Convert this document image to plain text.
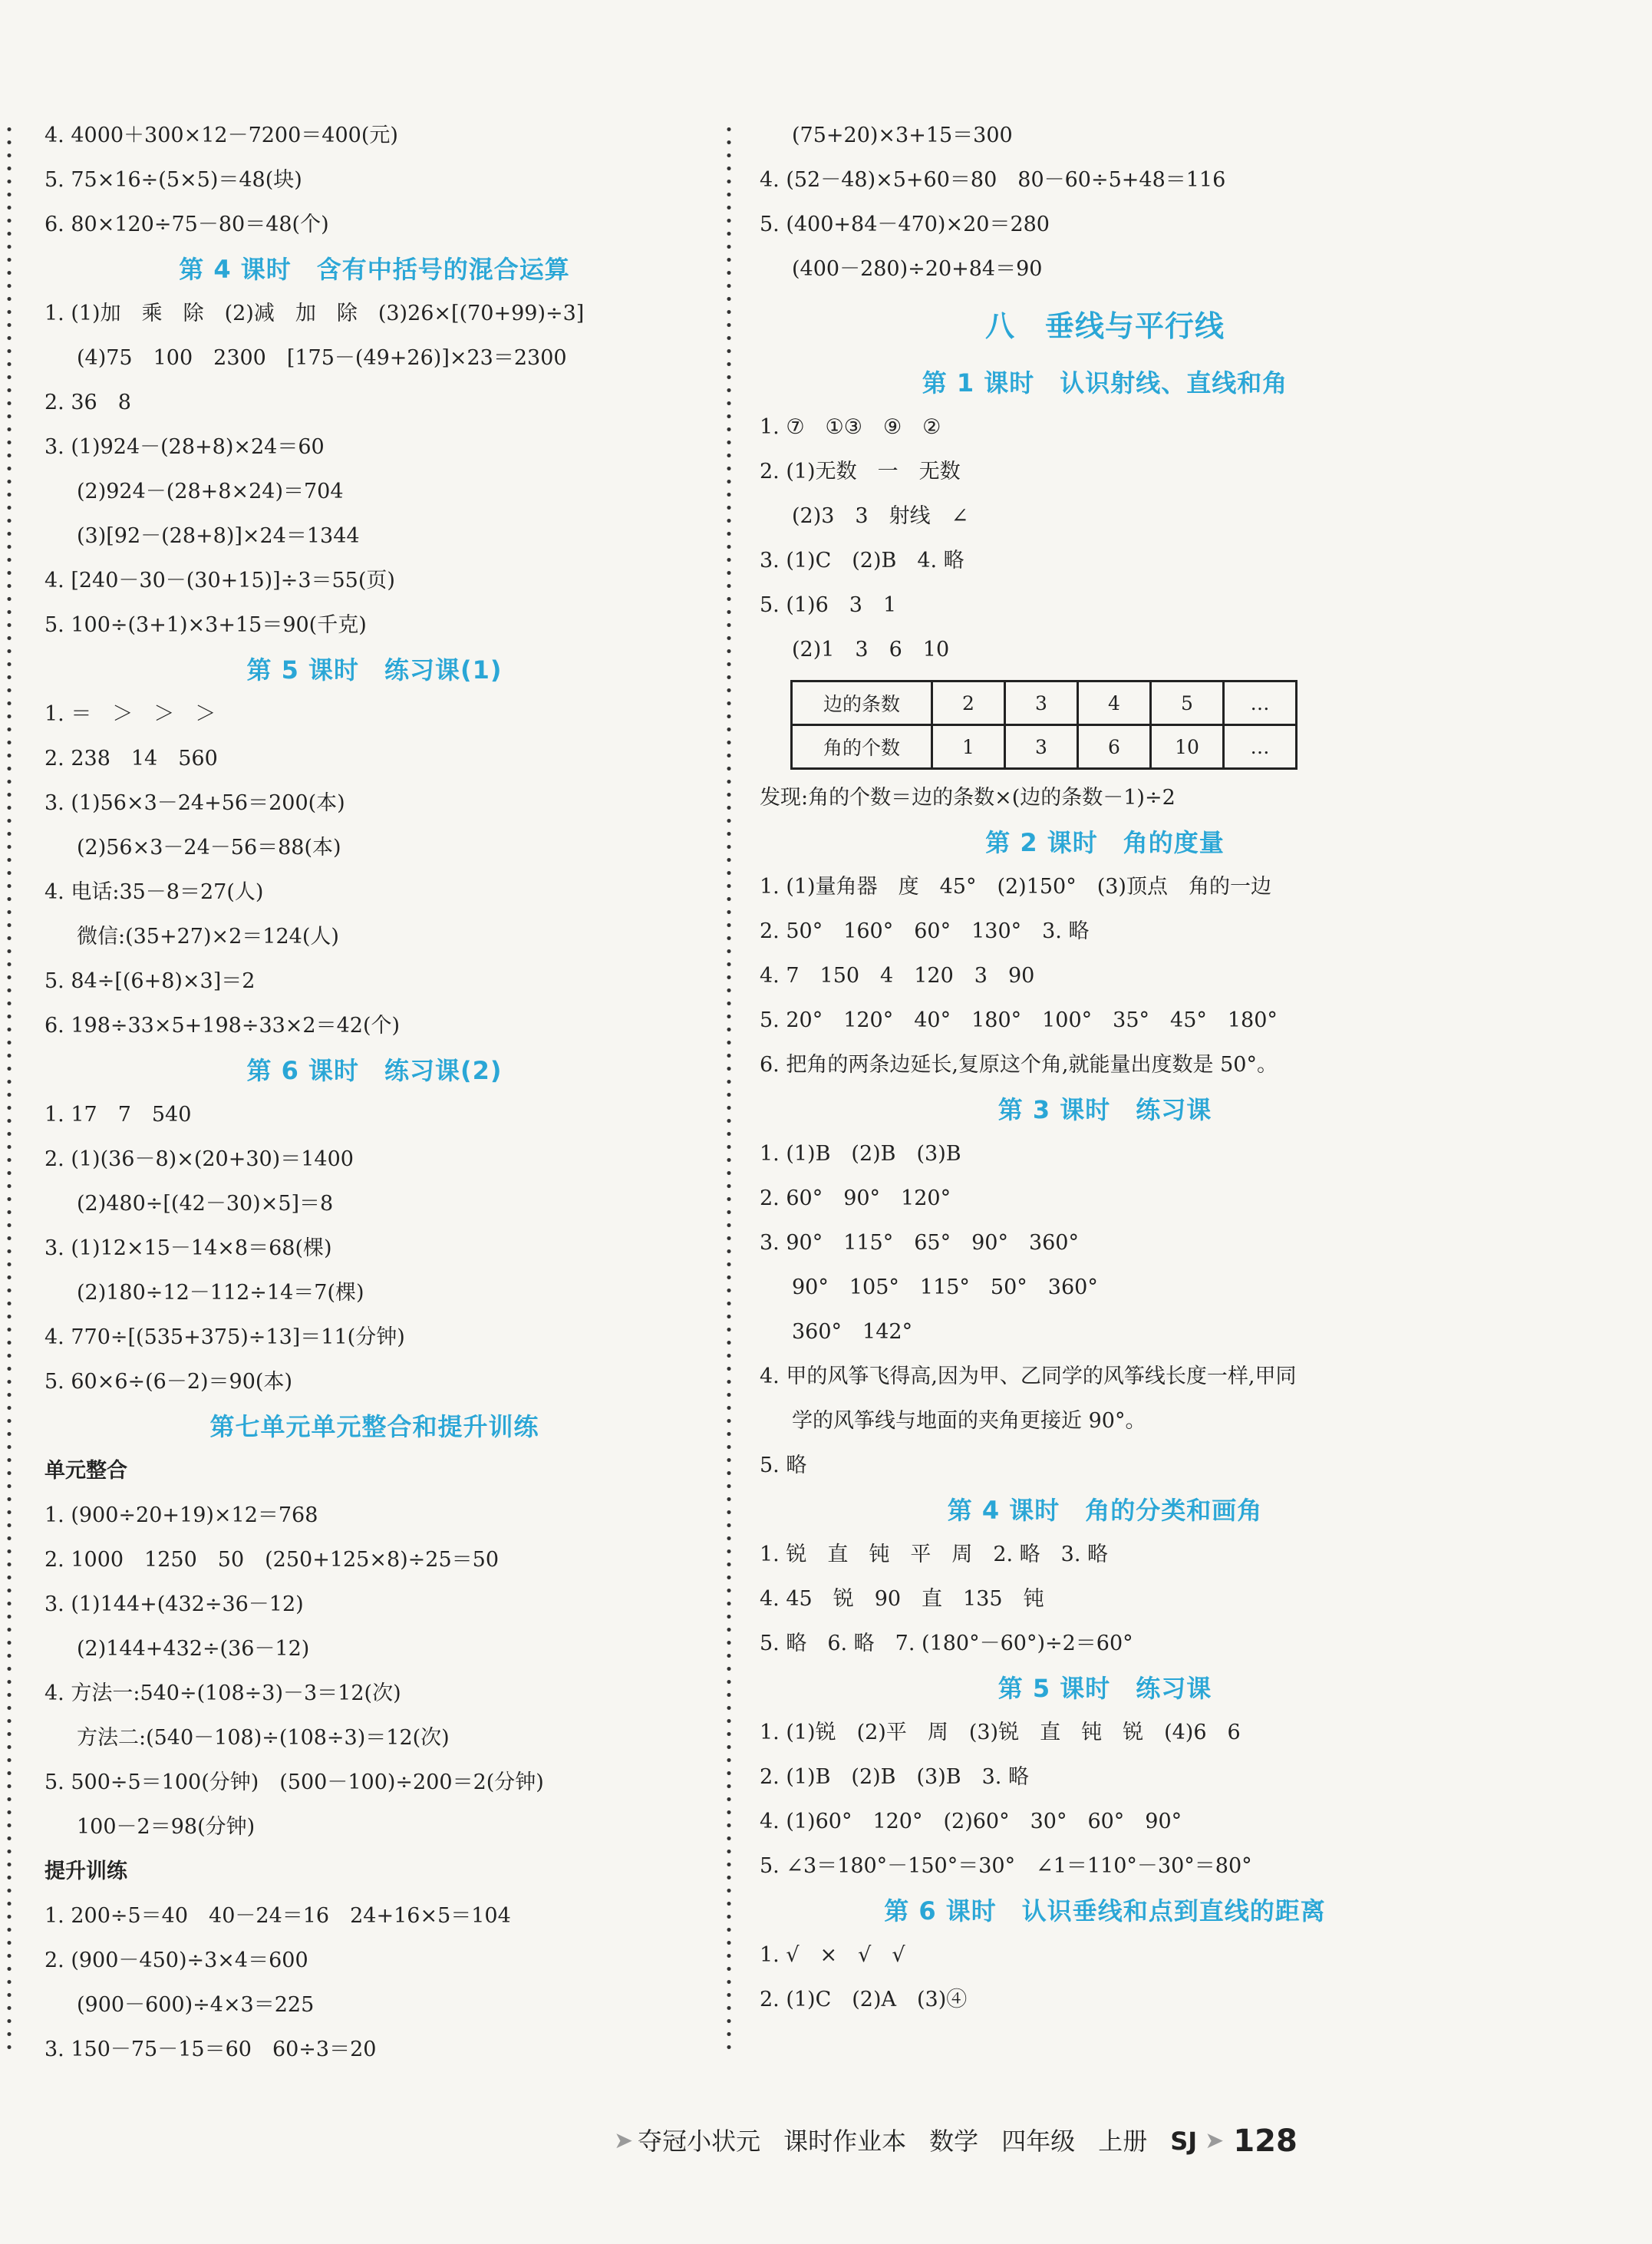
4. 4000＋300×12－7200＝400(元)
5. 75×16÷(5×5)＝48(块)
6. 80×120÷75－80＝48(个)
第 4 课时　含有中括号的混合运算
1. (1)加　乘　除　(2)减　加　除　(3)26×[(70+99)÷3]
(4)75　100　2300　[175－(49+26)]×23＝2300
2. 36　8
3. (1)924－(28+8)×24＝60
(2)924－(28+8×24)＝704
(3)[92－(28+8)]×24＝1344
4. [240－30－(30+15)]÷3＝55(页)
5. 100÷(3+1)×3+15＝90(千克)
第 5 课时　练习课(1)
1. ＝　＞　＞　＞
2. 238　14　560
3. (1)56×3－24+56＝200(本)
(2)56×3－24－56＝88(本)
4. 电话:35－8＝27(人)
微信:(35+27)×2＝124(人)
5. 84÷[(6+8)×3]＝2
6. 198÷33×5+198÷33×2＝42(个)
第 6 课时　练习课(2)
1. 17　7　540
2. (1)(36－8)×(20+30)＝1400
(2)480÷[(42－30)×5]＝8
3. (1)12×15－14×8＝68(棵)
(2)180÷12－112÷14＝7(棵)
4. 770÷[(535+375)÷13]＝11(分钟)
5. 60×6÷(6－2)＝90(本)
第七单元单元整合和提升训练
单元整合
1. (900÷20+19)×12＝768
2. 1000　1250　50　(250+125×8)÷25＝50
3. (1)144+(432÷36－12)
(2)144+432÷(36－12)
4. 方法一:540÷(108÷3)－3＝12(次)
方法二:(540－108)÷(108÷3)＝12(次)
5. 500÷5＝100(分钟)　(500－100)÷200＝2(分钟)
100－2＝98(分钟)
提升训练
1. 200÷5＝40　40－24＝16　24+16×5＝104
2. (900－450)÷3×4＝600
(900－600)÷4×3＝225
3. 150－75－15＝60　60÷3＝20
(75+20)×3+15＝300
4. (52－48)×5+60＝80　80－60÷5+48＝116
5. (400+84－470)×20＝280
(400－280)÷20+84＝90
八　垂线与平行线
第 1 课时　认识射线、直线和角
1. ⑦　①③　⑨　②
2. (1)无数　一　无数
(2)3　3　射线　∠
3. (1)C　(2)B　4. 略
5. (1)6　3　1
(2)1　3　6　10
边的条数	2	3	4	5	…
角的个数	1	3	6	10	…
发现:角的个数＝边的条数×(边的条数－1)÷2
第 2 课时　角的度量
1. (1)量角器　度　45°　(2)150°　(3)顶点　角的一边
2. 50°　160°　60°　130°　3. 略
4. 7　150　4　120　3　90
5. 20°　120°　40°　180°　100°　35°　45°　180°
6. 把角的两条边延长,复原这个角,就能量出度数是 50°。
第 3 课时　练习课
1. (1)B　(2)B　(3)B
2. 60°　90°　120°
3. 90°　115°　65°　90°　360°
90°　105°　115°　50°　360°
360°　142°
4. 甲的风筝飞得高,因为甲、乙同学的风筝线长度一样,甲同
学的风筝线与地面的夹角更接近 90°。
5. 略
第 4 课时　角的分类和画角
1. 锐　直　钝　平　周　2. 略　3. 略
4. 45　锐　90　直　135　钝
5. 略　6. 略　7. (180°－60°)÷2＝60°
第 5 课时　练习课
1. (1)锐　(2)平　周　(3)锐　直　钝　锐　(4)6　6
2. (1)B　(2)B　(3)B　3. 略
4. (1)60°　120°　(2)60°　30°　60°　90°
5. ∠3＝180°－150°＝30°　∠1＝110°－30°＝80°
第 6 课时　认识垂线和点到直线的距离
1. √　×　√　√
2. (1)C　(2)A　(3)④
➤ 夺冠小状元 课时作业本 数学 四年级 上册 SJ ➤ 128
